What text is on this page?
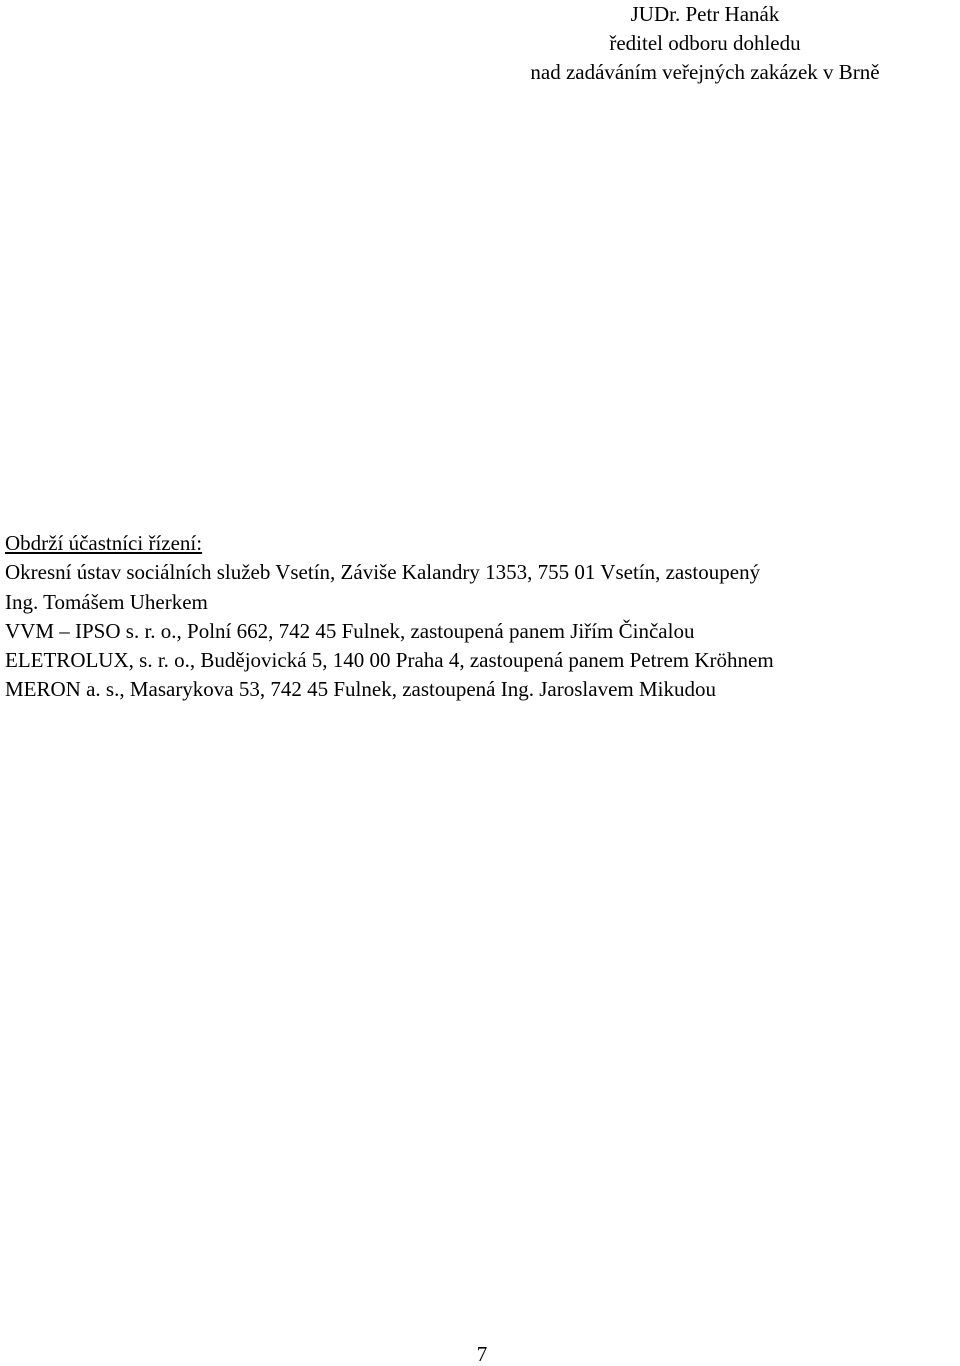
JUDr. Petr Hanák
ředitel odboru dohledu
nad zadáváním veřejných zakázek v Brně
Obdrží účastníci řízení:
Okresní ústav sociálních služeb Vsetín, Záviše Kalandry 1353, 755 01 Vsetín, zastoupený
Ing. Tomášem Uherkem
VVM – IPSO s. r. o., Polní 662, 742 45 Fulnek, zastoupená panem Jiřím Činčalou
ELETROLUX, s. r. o., Budějovická 5, 140 00 Praha 4, zastoupená panem Petrem Kröhnem
MERON a. s., Masarykova 53, 742 45 Fulnek, zastoupená Ing. Jaroslavem Mikudou
7
